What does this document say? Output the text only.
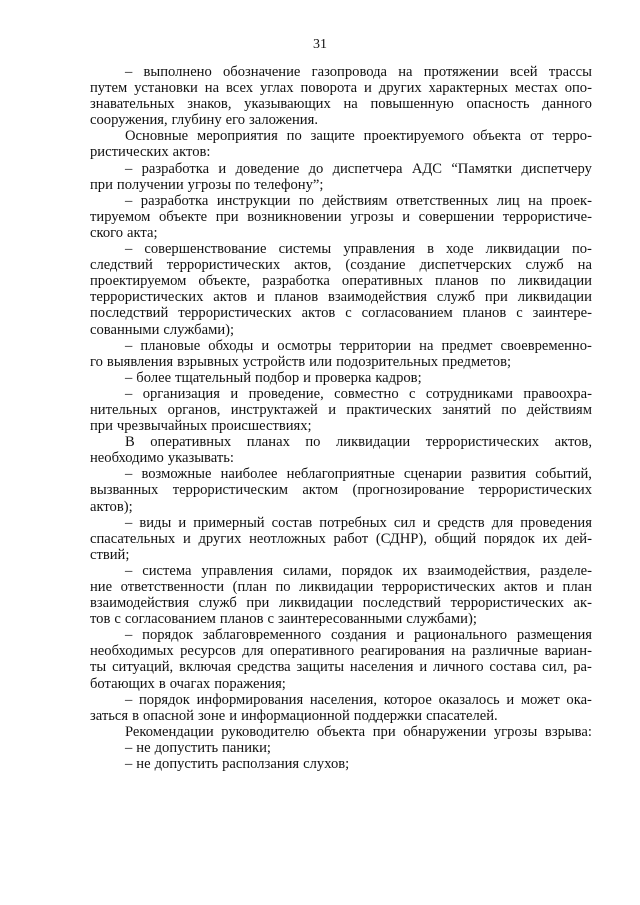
31
– выполнено обозначение газопровода на протяжении всей трассы
путем установки на всех углах поворота и других характерных местах опо-
знавательных знаков, указывающих на повышенную опасность данного
сооружения, глубину его заложения.
Основные мероприятия по защите проектируемого объекта от терро-
ристических актов:
– разработка и доведение до диспетчера АДС “Памятки диспетчеру
при получении угрозы по телефону”;
– разработка инструкции по действиям ответственных лиц на проек-
тируемом объекте при возникновении угрозы и совершении террористиче-
ского акта;
– совершенствование системы управления в ходе ликвидации по-
следствий террористических актов, (создание диспетчерских служб на
проектируемом объекте, разработка оперативных планов по ликвидации
террористических актов и планов взаимодействия служб при ликвидации
последствий террористических актов с согласованием планов с заинтере-
сованными службами);
– плановые обходы и осмотры территории на предмет своевременно-
го выявления взрывных устройств или подозрительных предметов;
– более тщательный подбор и проверка кадров;
– организация и проведение, совместно с сотрудниками правоохра-
нительных органов, инструктажей и практических занятий по действиям
при чрезвычайных происшествиях;
В оперативных планах по ликвидации террористических актов,
необходимо указывать:
– возможные наиболее неблагоприятные сценарии развития событий,
вызванных террористическим актом (прогнозирование террористических
актов);
– виды и примерный состав потребных сил и средств для проведения
спасательных и других неотложных работ (СДНР), общий порядок их дей-
ствий;
– система управления силами, порядок их взаимодействия, разделе-
ние ответственности (план по ликвидации террористических актов и план
взаимодействия служб при ликвидации последствий террористических ак-
тов с согласованием планов с заинтересованными службами);
– порядок заблаговременного создания и рационального размещения
необходимых ресурсов для оперативного реагирования на различные вариан-
ты ситуаций, включая средства защиты населения и личного состава сил, ра-
ботающих в очагах поражения;
– порядок информирования населения, которое оказалось и может ока-
заться в опасной зоне и информационной поддержки спасателей.
Рекомендации руководителю объекта при обнаружении угрозы взрыва:
– не допустить паники;
– не допустить расползания слухов;
